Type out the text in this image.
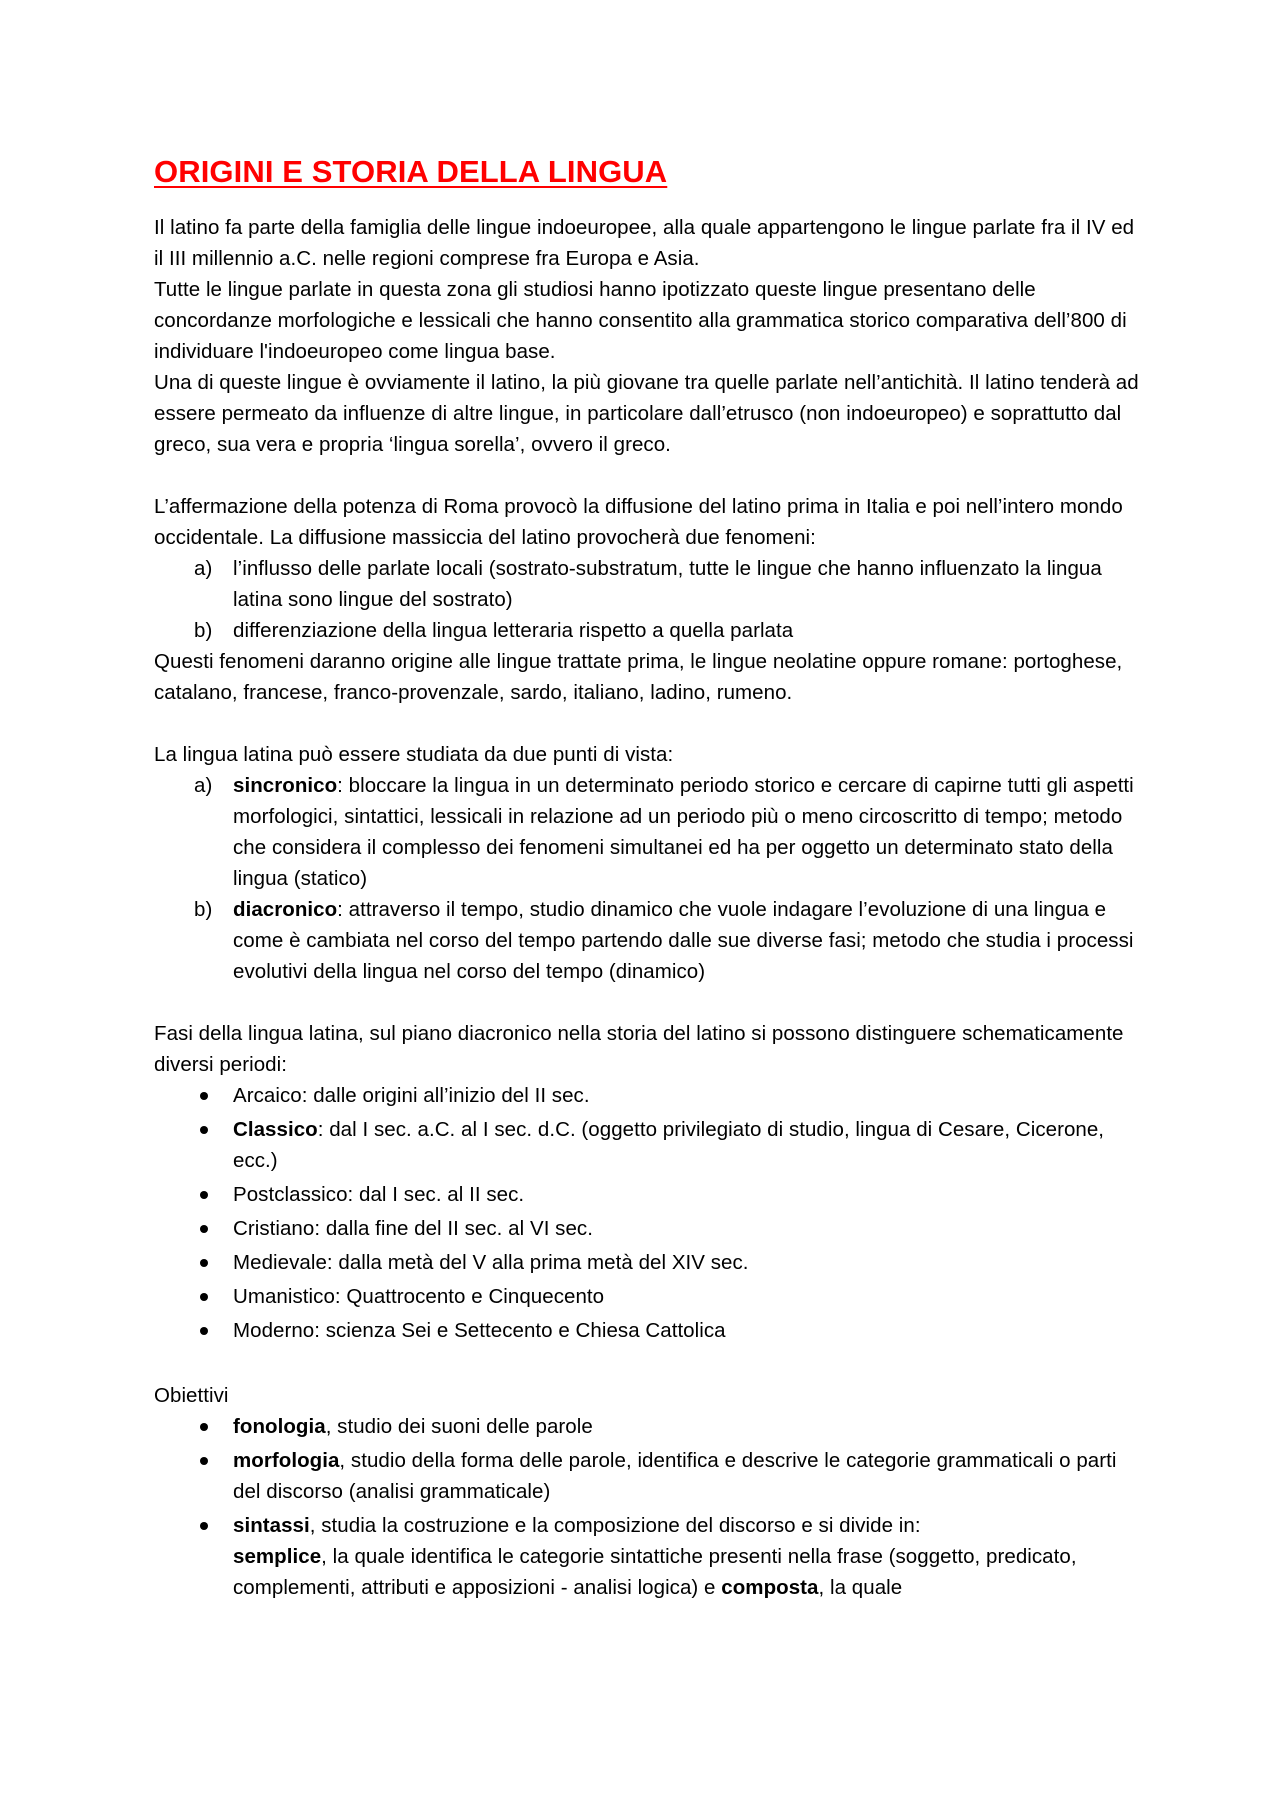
ORIGINI E STORIA DELLA LINGUA

Il latino fa parte della famiglia delle lingue indoeuropee, alla quale appartengono le lingue parlate fra il IV ed il III millennio a.C. nelle regioni comprese fra Europa e Asia.
Tutte le lingue parlate in questa zona gli studiosi hanno ipotizzato queste lingue presentano delle concordanze morfologiche e lessicali che hanno consentito alla grammatica storico comparativa dell’800 di individuare l'indoeuropeo come lingua base.
Una di queste lingue è ovviamente il latino, la più giovane tra quelle parlate nell’antichità. Il latino tenderà ad essere permeato da influenze di altre lingue, in particolare dall’etrusco (non indoeuropeo) e soprattutto dal greco, sua vera e propria ‘lingua sorella’, ovvero il greco.

L’affermazione della potenza di Roma provocò la diffusione del latino prima in Italia e poi nell’intero mondo occidentale. La diffusione massiccia del latino provocherà due fenomeni:

a) l’influsso delle parlate locali (sostrato-substratum, tutte le lingue che hanno influenzato la lingua latina sono lingue del sostrato)
b) differenziazione della lingua letteraria rispetto a quella parlata

Questi fenomeni daranno origine alle lingue trattate prima, le lingue neolatine oppure romane: portoghese, catalano, francese, franco-provenzale, sardo, italiano, ladino, rumeno.

La lingua latina può essere studiata da due punti di vista:

a) sincronico: bloccare la lingua in un determinato periodo storico e cercare di capirne tutti gli aspetti morfologici, sintattici, lessicali in relazione ad un periodo più o meno circoscritto di tempo; metodo che considera il complesso dei fenomeni simultanei ed ha per oggetto un determinato stato della lingua (statico)
b) diacronico: attraverso il tempo, studio dinamico che vuole indagare l’evoluzione di una lingua e come è cambiata nel corso del tempo partendo dalle sue diverse fasi; metodo che studia i processi evolutivi della lingua nel corso del tempo (dinamico)

Fasi della lingua latina, sul piano diacronico nella storia del latino si possono distinguere schematicamente diversi periodi:

Arcaico: dalle origini all’inizio del II sec.
Classico: dal I sec. a.C. al I sec. d.C. (oggetto privilegiato di studio, lingua di Cesare, Cicerone, ecc.)
Postclassico: dal I sec. al II sec.
Cristiano: dalla fine del II sec. al VI sec.
Medievale: dalla metà del V alla prima metà del XIV sec.
Umanistico: Quattrocento e Cinquecento
Moderno: scienza Sei e Settecento e Chiesa Cattolica

Obiettivi

fonologia, studio dei suoni delle parole
morfologia, studio della forma delle parole, identifica e descrive le categorie grammaticali o parti del discorso (analisi grammaticale)
sintassi, studia la costruzione e la composizione del discorso e si divide in:
semplice, la quale identifica le categorie sintattiche presenti nella frase (soggetto, predicato, complementi, attributi e apposizioni - analisi logica) e composta, la quale
